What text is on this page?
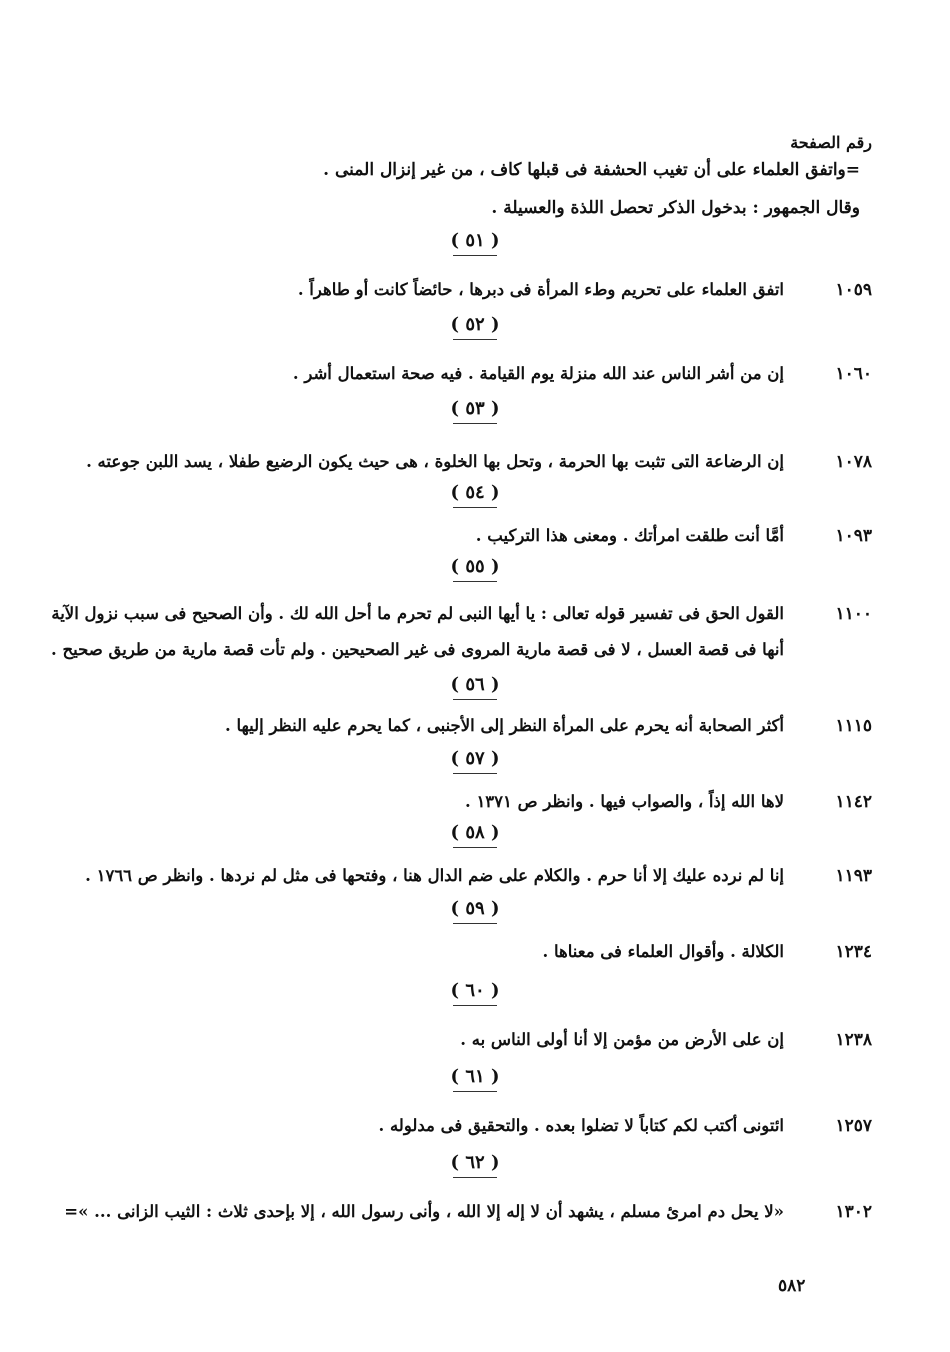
رقم الصفحة
=واتفق العلماء على أن تغيب الحشفة فى قبلها كاف ، من غير إنزال المنى .
وقال الجمهور : بدخول الذكر تحصل اللذة والعسيلة .
( ٥١ )
١٠٥٩
اتفق العلماء على تحريم وطء المرأة فى دبرها ، حائضاً كانت أو طاهراً .
( ٥٢ )
١٠٦٠
إن من أشر الناس عند الله منزلة يوم القيامة . فيه صحة استعمال أشر .
( ٥٣ )
١٠٧٨
إن الرضاعة التى تثبت بها الحرمة ، وتحل بها الخلوة ، هى حيث يكون الرضيع طفلا ، يسد اللبن جوعته .
( ٥٤ )
١٠٩٣
أمَّا أنت طلقت امرأتك . ومعنى هذا التركيب .
( ٥٥ )
١١٠٠
القول الحق فى تفسير قوله تعالى : يا أيها النبى لم تحرم ما أحل الله لك . وأن الصحيح فى سبب نزول الآية
أنها فى قصة العسل ، لا فى قصة مارية المروى فى غير الصحيحين . ولم تأت قصة مارية من طريق صحيح .
( ٥٦ )
١١١٥
أكثر الصحابة أنه يحرم على المرأة النظر إلى الأجنبى ، كما يحرم عليه النظر إليها .
( ٥٧ )
١١٤٢
لاها الله إذاً ، والصواب فيها . وانظر ص ١٣٧١ .
( ٥٨ )
١١٩٣
إنا لم نرده عليك إلا أنا حرم . والكلام على ضم الدال هنا ، وفتحها فى مثل لم نردها . وانظر ص ١٧٦٦ .
( ٥٩ )
١٢٣٤
الكلالة . وأقوال العلماء فى معناها .
( ٦٠ )
١٢٣٨
إن على الأرض من مؤمن إلا أنا أولى الناس به .
( ٦١ )
١٢٥٧
ائتونى أكتب لكم كتاباً لا تضلوا بعده . والتحقيق فى مدلوله .
( ٦٢ )
١٣٠٢
«لا يحل دم امرئ مسلم ، يشهد أن لا إله إلا الله ، وأنى رسول الله ، إلا بإحدى ثلاث : الثيب الزانى ... »=
٥٨٢
